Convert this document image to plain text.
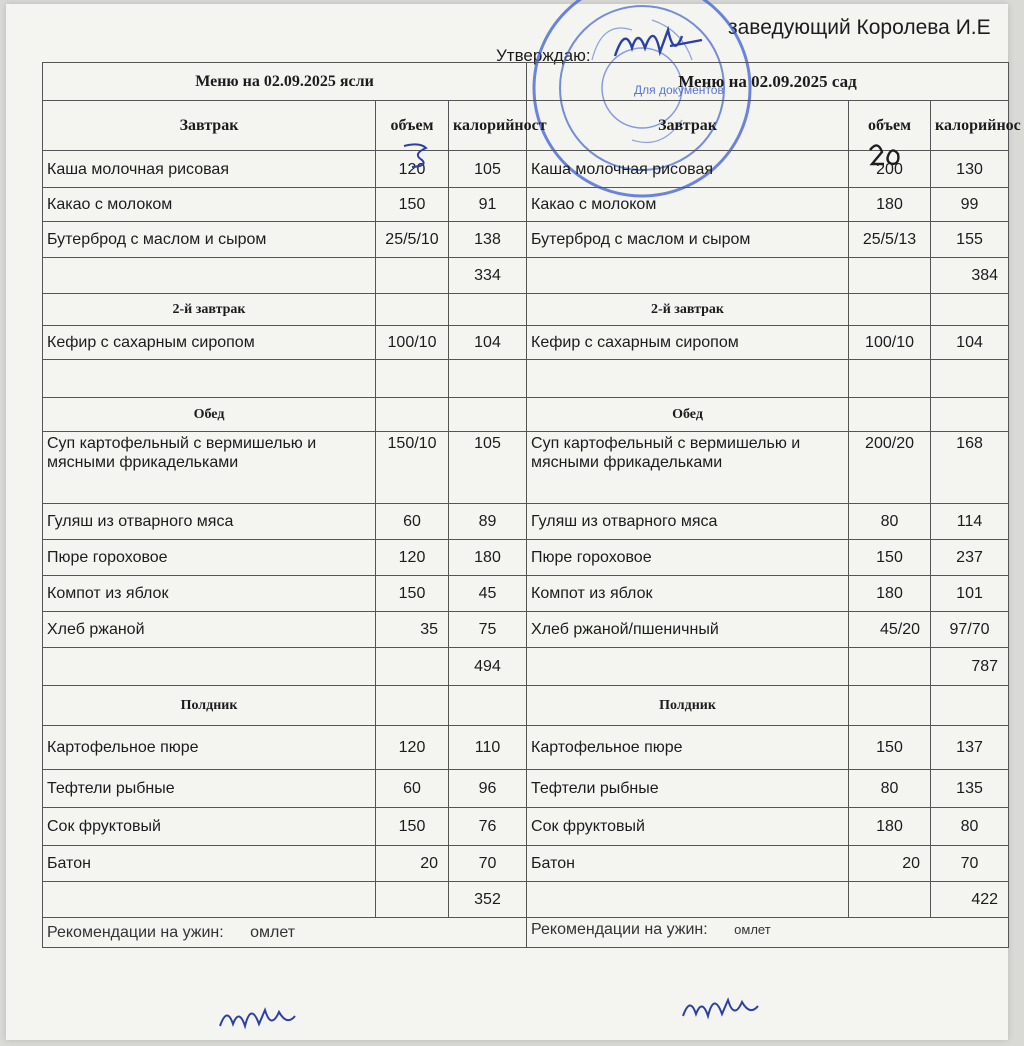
Утверждаю:
заведующий Королева И.Е
Для документов
Меню на 02.09.2025 ясли			Меню на 02.09.2025 сад		
Завтрак	объем	калорийност	Завтрак	объем	калорийнос
Каша молочная рисовая	120	105	Каша молочная рисовая	200	130
Какао с молоком	150	91	Какао с молоком	180	99
Бутерброд с маслом и сыром	25/5/10	138	Бутерброд с маслом и сыром	25/5/13	155
		334			384
2-й завтрак			2-й завтрак		
Кефир с сахарным сиропом	100/10	104	Кефир с сахарным сиропом	100/10	104

Обед			Обед		
Суп картофельный с вермишелью и мясными фрикадельками	150/10	105	Суп картофельный с вермишелью и мясными фрикадельками	200/20	168
Гуляш из отварного мяса	60	89	Гуляш из отварного мяса	80	114
Пюре гороховое	120	180	Пюре гороховое	150	237
Компот из яблок	150	45	Компот из яблок	180	101
Хлеб ржаной	35	75	Хлеб ржаной/пшеничный	45/20	97/70
		494			787
Полдник			Полдник		
Картофельное пюре	120	110	Картофельное пюре	150	137
Тефтели рыбные	60	96	Тефтели рыбные	80	135
Сок фруктовый	150	76	Сок фруктовый	180	80
Батон	20	70	Батон	20	70
		352			422
Рекомендации на ужин: омлет			Рекомендации на ужин: омлет		
